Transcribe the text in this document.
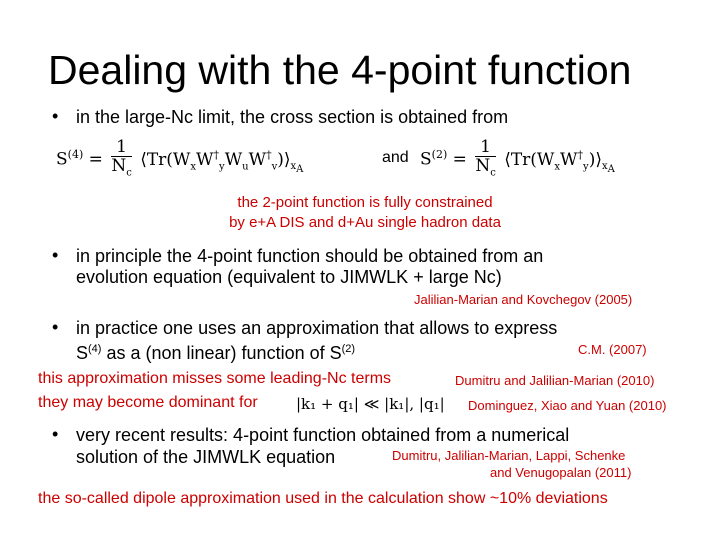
Dealing with the 4-point function
• in the large-Nc limit, the cross section is obtained from
$S^{(4)} = \frac{1}{N_c}$ $⟨Tr(W_xW^\dagger_yW_uW^\dagger_v)⟩_{x_A}$
and $S^{(2)} = \frac{1}{N_c}$ $⟨Tr(W_xW^\dagger_y)⟩_{x_A}$
the 2-point function is fully constrained
by e+A DIS and d+Au single hadron data
• in principle the 4-point function should be obtained from an
evolution equation (equivalent to JIMWLK + large Nc)
Jalilian-Marian and Kovchegov (2005)
• in practice one uses an approximation that allows to express
$S^{(4)}$ as a (non linear) function of $S^{(2)}$	C.M. (2007)
this approximation misses some leading-Nc terms
they may become dominant for	|k₁ + q₁| ≪ |k₁|, |q₁|
Dumitru and Jalilian-Marian (2010)
Dominguez, Xiao and Yuan (2010)
• very recent results: 4-point function obtained from a numerical
solution of the JIMWLK equation	Dumitru, Jalilian-Marian, Lappi, Schenke
and Venugopalan (2011)
the so-called dipole approximation used in the calculation show ~10% deviations
